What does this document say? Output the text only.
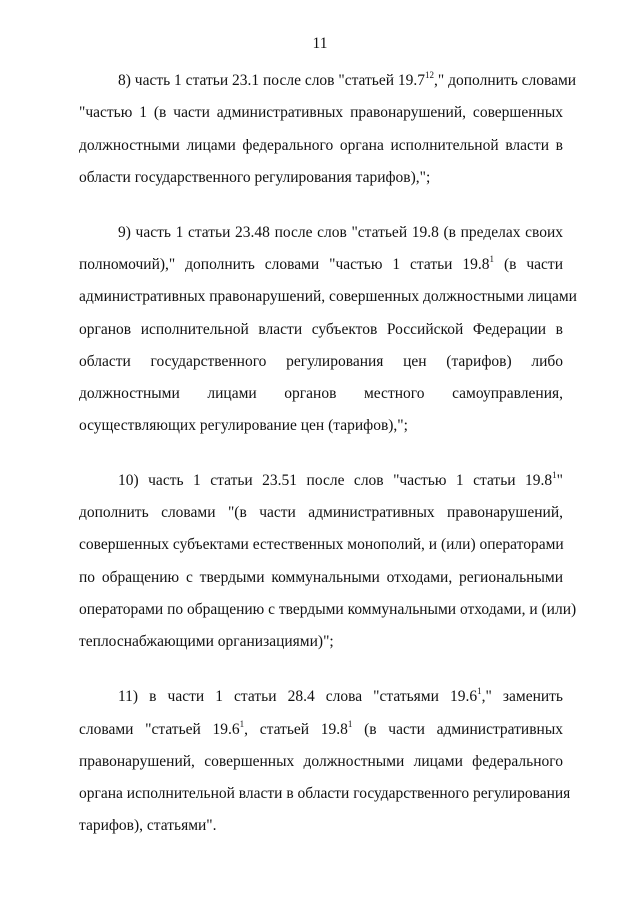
11
8) часть 1 статьи 23.1 после слов "статьей 19.7$^{12}$," дополнить словами
"частью 1 (в части административных правонарушений, совершенных
должностными лицами федерального органа исполнительной власти в
области государственного регулирования тарифов),";
9) часть 1 статьи 23.48 после слов "статьей 19.8 (в пределах своих
полномочий)," дополнить словами "частью 1 статьи 19.8$^1$ (в части
административных правонарушений, совершенных должностными лицами
органов исполнительной власти субъектов Российской Федерации в
области государственного регулирования цен (тарифов) либо
должностными лицами органов местного самоуправления,
осуществляющих регулирование цен (тарифов),";
10) часть 1 статьи 23.51 после слов "частью 1 статьи 19.8$^1$"
дополнить словами "(в части административных правонарушений,
совершенных субъектами естественных монополий, и (или) операторами
по обращению с твердыми коммунальными отходами, региональными
операторами по обращению с твердыми коммунальными отходами, и (или)
теплоснабжающими организациями)";
11) в части 1 статьи 28.4 слова "статьями 19.6$^1$," заменить
словами "статьей 19.6$^1$, статьей 19.8$^1$ (в части административных
правонарушений, совершенных должностными лицами федерального
органа исполнительной власти в области государственного регулирования
тарифов), статьями".
